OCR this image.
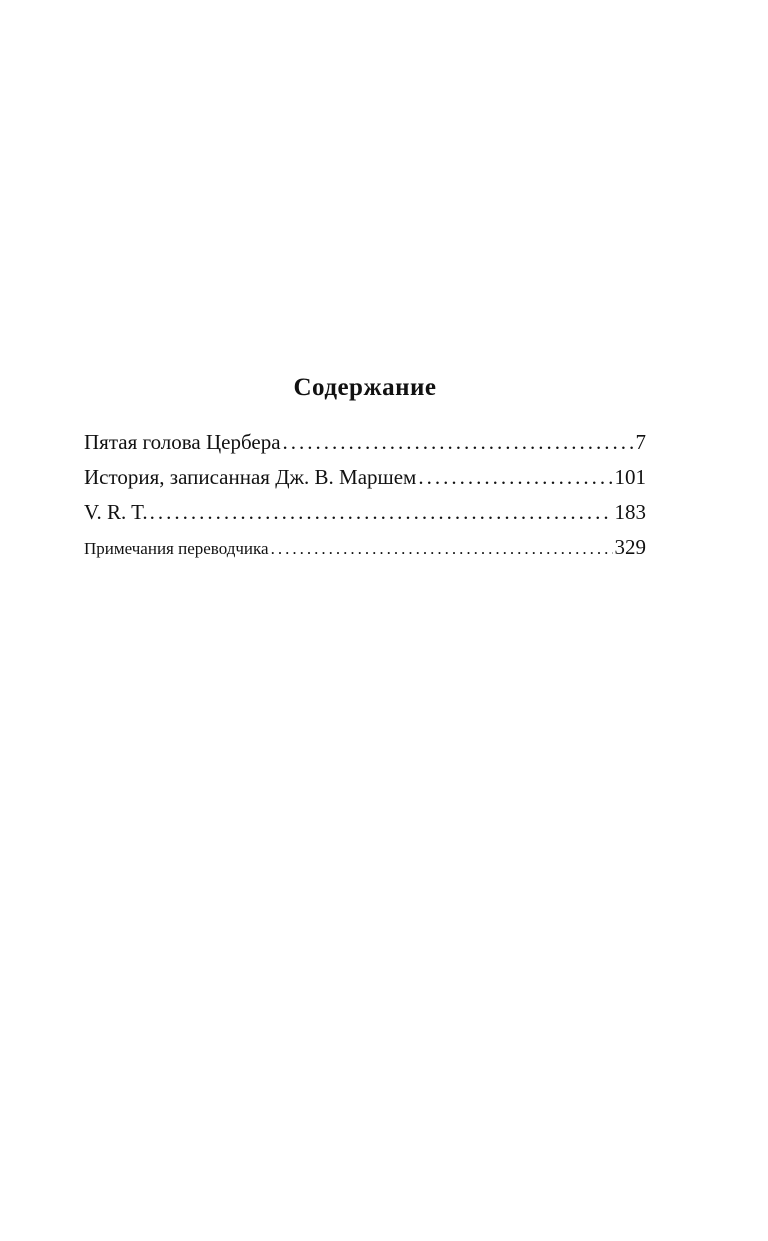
Содержание
Пятая голова Цербера .....	7
История, записанная Дж. В. Маршем .....	101
V. R. T. .....	183
Примечания переводчика .....	329
